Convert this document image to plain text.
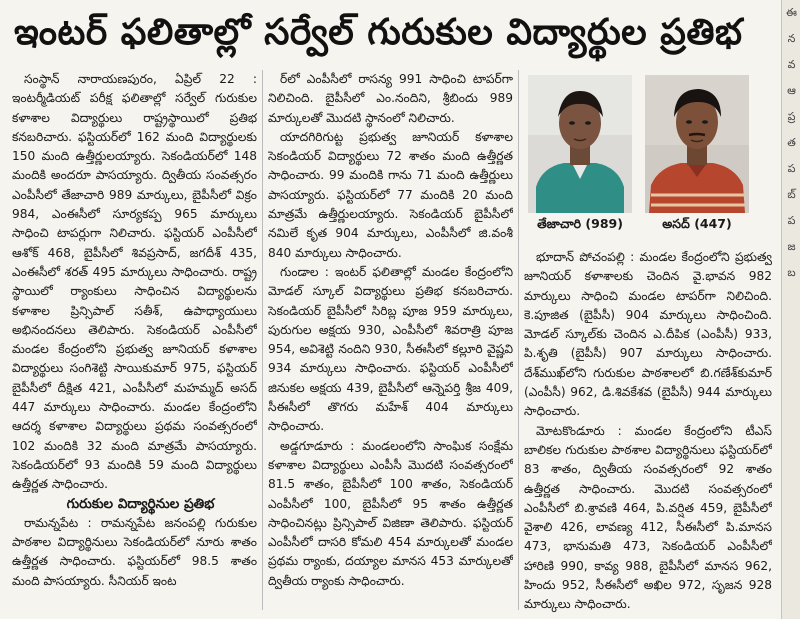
ఇంటర్ ఫలితాల్లో సర్వేల్ గురుకుల విద్యార్థుల ప్రతిభ

సంస్థాన్ నారాయణపురం, ఏప్రిల్ 22 : ఇంటర్మీడియట్ పరీక్ష ఫలితాల్లో సర్వేల్ గురుకుల కళాశాల విద్యార్థులు రాష్ట్రస్థాయిలో ప్రతిభ కనబరిచారు. ఫస్టియర్‌లో 162 మంది విద్యార్థులకు 150 మంది ఉత్తీర్ణులయ్యారు. సెకండియర్‌లో 148 మందికి అందరూ పాసయ్యారు. ద్వితీయ సంవత్సరం ఎంపీసీలో తేజాచారి 989 మార్కులు, బైపీసీలో విక్రం 984, ఎంఈసీలో సూర్యకప్ప 965 మార్కులు సాధించి టాపర్లుగా నిలిచారు. ఫస్టియర్ ఎంపీసీలో ఆశోక్ 468, బైపీసీలో శివప్రసాద్, జగదీశ్ 435, ఎంఈసీలో శరత్ 495 మార్కులు సాధించారు. రాష్ట్ర స్థాయిలో ర్యాంకులు సాధించిన విద్యార్థులను కళాశాల ప్రిన్సిపాల్ సతీశ్, ఉపాధ్యాయులు అభినందనలు తెలిపారు. సెకండియర్ ఎంపీసీలో మండల కేంద్రంలోని ప్రభుత్వ జూనియర్ కళాశాల విద్యార్థులు సంగిశెట్టి సాయికుమార్ 975, ఫస్టియర్ బైపీసీలో దీక్షిత 421, ఎంపీసీలో మహమ్మద్ అసద్ 447 మార్కులు సాధించారు. మండల కేంద్రంలోని ఆదర్శ కళాశాల విద్యార్థులు ప్రథమ సంవత్సరంలో 102 మందికి 32 మంది మాత్రమే పాసయ్యారు. సెకండియర్‌లో 93 మందికి 59 మంది విద్యార్థులు ఉత్తీర్ణత సాధించారు.

గురుకుల విద్యార్థినుల ప్రతిభ

రామన్నపేట : రామన్నపేట జనంపల్లి గురుకుల పాఠశాల విద్యార్థినులు సెకండియర్‌లో నూరు శాతం ఉత్తీర్ణత సాధించారు. ఫస్టియర్‌లో 98.5 శాతం మంది పాసయ్యారు. సీనియర్ ఇంట

ర్‌లో ఎంపీసీలో రాసన్య 991 సాధించి టాపర్‌గా నిలిచింది. బైపీసీలో ఎం.నందిని, శ్రీబిందు 989 మార్కులతో మొదటి స్థానంలో నిలిచారు.

యాదగిరిగుట్ట ప్రభుత్వ జూనియర్ కళాశాల సెకండియర్ విద్యార్థులు 72 శాతం మంది ఉత్తీర్ణత సాధించారు. 99 మందికి గాను 71 మంది ఉత్తీర్ణులు పాసయ్యారు. ఫస్టియర్‌లో 77 మందికి 20 మంది మాత్రమే ఉత్తీర్ణులయ్యారు. సెకండియర్ బైపీసీలో నమిలే కృత 904 మార్కులు, ఎంపీసీలో జి.వంశీ 840 మార్కులు సాధించారు.

గుండాల : ఇంటర్ ఫలితాల్లో మండల కేంద్రంలోని మోడల్ స్కూల్ విద్యార్థులు ప్రతిభ కనబరిచారు. సెకండియర్ బైపీసీలో సిరిబ్ల పూజ 959 మార్కులు, పురుగుల అక్షయ 930, ఎంపీసీలో శివరాత్రి పూజ 954, అవిశెట్టి నందిని 930, సీఈసీలో కల్లూరి వైష్ణవి 934 మార్కులు సాధించారు. ఫస్టియర్ ఎంపీసీలో జినుకల అక్షయ 439, బైపీసీలో ఆన్నెపర్తి శ్రీజ 409, సీఈసీలో తొగరు మహేశ్ 404 మార్కులు సాధించారు.

అడ్డగూడూరు : మండలంలోని సాంఘిక సంక్షేమ కళాశాల విద్యార్థులు ఎంపీసీ మొదటి సంవత్సరంలో 81.5 శాతం, బైపీసీలో 100 శాతం, సెకండియర్ ఎంపీసీలో 100, బైపీసీలో 95 శాతం ఉత్తీర్ణత సాధించినట్లు ప్రిన్సిపాల్ విజిణా తెలిపారు. ఫస్టియర్ ఎంపీసీలో దాసరి కోమలి 454 మార్కులతో మండల ప్రథమ ర్యాంకు, దయ్యాల మానస 453 మార్కులతో ద్వితీయ ర్యాంకు సాధించారు.

తేజాచారి (989)	అసద్ (447)

భూదాన్ పోచంపల్లి : మండల కేంద్రంలోని ప్రభుత్వ జూనియర్ కళాశాలకు చెందిన వై.భావన 982 మార్కులు సాధించి మండల టాపర్‌గా నిలిచింది. కె.పూజిత (బైపీసీ) 904 మార్కులు సాధించింది. మోడల్ స్కూల్‌కు చెందిన ఎ.దీపిక (ఎంపీసీ) 933, పి.శృతి (బైపీసీ) 907 మార్కులు సాధించారు. దేశ్‌ముఖ్‌లోని గురుకుల పాఠశాలలో బి.గణేశ్‌కుమార్ (ఎంపీసీ) 962, డి.శివకేశవ (బైపీసీ) 944 మార్కులు సాధించారు.

మోటకొండూరు : మండల కేంద్రంలోని టీఎస్ బాలికల గురుకుల పాఠశాల విద్యార్థినులు ఫస్టియర్‌లో 83 శాతం, ద్వితీయ సంవత్సరంలో 92 శాతం ఉత్తీర్ణత సాధించారు. మొదటి సంవత్సరంలో ఎంపీసీలో బి.శ్రావణి 464, పి.వర్షిత 459, బైపీసీలో వైశాలి 426, లావణ్య 412, సీఈసీలో పి.మానస 473, భానుమతి 473, సెకండియర్ ఎంపీసీలో హారిణి 990, కావ్య 988, బైపీసీలో మానస 962, హిందు 952, సీఈసీలో అఖిల 972, సృజన 928 మార్కులు సాధించారు.

ఈ
న
వ
ఆ
ప్ర
త
ప
బ్
ప
జ
బ
